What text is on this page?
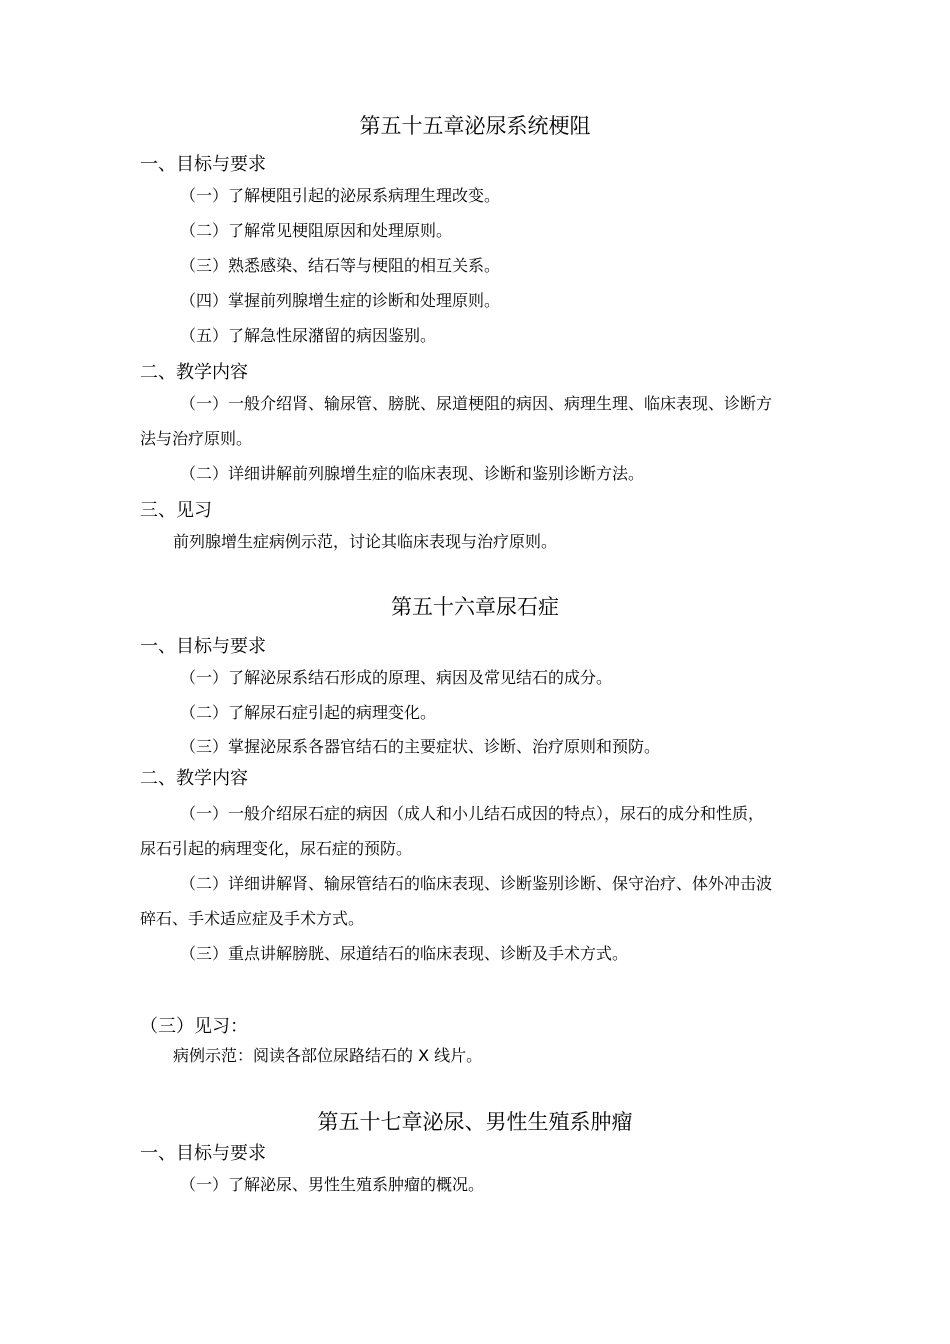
第五十五章泌尿系统梗阻
一、目标与要求
（一）了解梗阻引起的泌尿系病理生理改变。
（二）了解常见梗阻原因和处理原则。
（三）熟悉感染、结石等与梗阻的相互关系。
（四）掌握前列腺增生症的诊断和处理原则。
（五）了解急性尿潴留的病因鉴别。
二、教学内容
（一）一般介绍肾、输尿管、膀胱、尿道梗阻的病因、病理生理、临床表现、诊断方
法与治疗原则。
（二）详细讲解前列腺增生症的临床表现、诊断和鉴别诊断方法。
三、见习
前列腺增生症病例示范，讨论其临床表现与治疗原则。
第五十六章尿石症
一、目标与要求
（一）了解泌尿系结石形成的原理、病因及常见结石的成分。
（二）了解尿石症引起的病理变化。
（三）掌握泌尿系各器官结石的主要症状、诊断、治疗原则和预防。
二、教学内容
（一）一般介绍尿石症的病因（成人和小儿结石成因的特点），尿石的成分和性质，
尿石引起的病理变化，尿石症的预防。
（二）详细讲解肾、输尿管结石的临床表现、诊断鉴别诊断、保守治疗、体外冲击波
碎石、手术适应症及手术方式。
（三）重点讲解膀胱、尿道结石的临床表现、诊断及手术方式。
（三）见习：
病例示范：阅读各部位尿路结石的 X 线片。
第五十七章泌尿、男性生殖系肿瘤
一、目标与要求
（一）了解泌尿、男性生殖系肿瘤的概况。
